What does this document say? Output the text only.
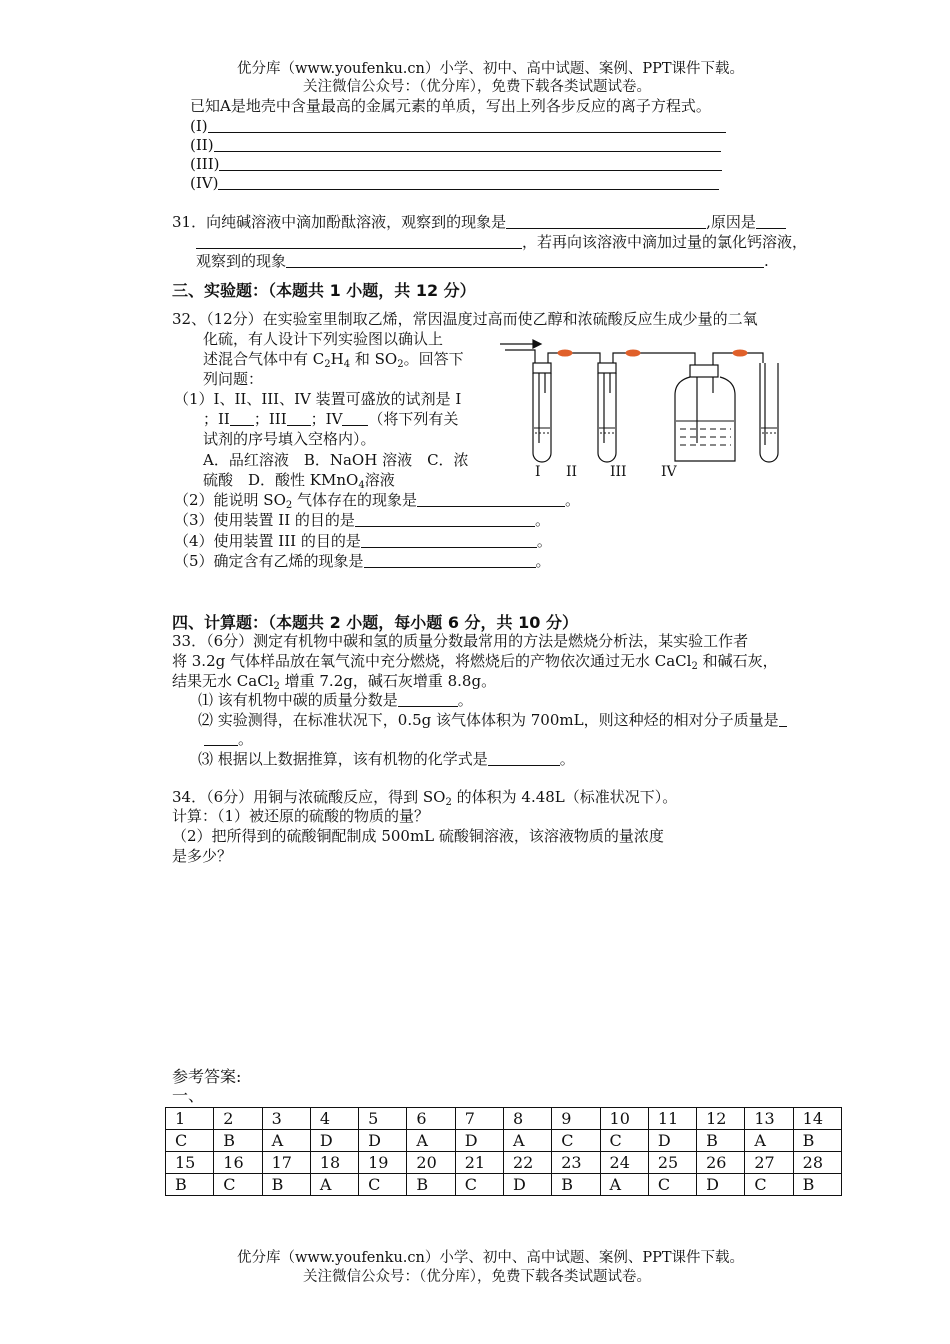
优分库（www.youfenku.cn）小学、初中、高中试题、案例、PPT课件下载。
关注微信公众号：（优分库），免费下载各类试题试卷。
已知A是地壳中含量最高的金属元素的单质，写出上列各步反应的离子方程式。
(I)
(II)
(III)
(IV)
31．向纯碱溶液中滴加酚酞溶液，观察到的现象是	,原因是
，若再向该溶液中滴加过量的氯化钙溶液，
观察到的现象	.
三、实验题：（本题共 1 小题，共 12 分）
32、（12分）在实验室里制取乙烯，常因温度过高而使乙醇和浓硫酸反应生成少量的二氧
化硫，有人设计下列实验图以确认上
述混合气体中有 $C_2H_4$ 和 $SO_2$。回答下
列问题：
（1）I、II、III、IV 装置可盛放的试剂是 I
；II ；III ；IV （将下列有关
试剂的序号填入空格内）。
A．品红溶液　B．NaOH 溶液　C．浓
硫酸　D．酸性 KMnO$_4$溶液
（2）能说明 $SO_2$ 气体存在的现象是	。
（3）使用装置 II 的目的是	。
（4）使用装置 III 的目的是	。
（5）确定含有乙烯的现象是	。
I II III IV
四、计算题：（本题共 2 小题，每小题 6 分，共 10 分）
33．（6分）测定有机物中碳和氢的质量分数最常用的方法是燃烧分析法，某实验工作者
将 3.2g 气体样品放在氧气流中充分燃烧，将燃烧后的产物依次通过无水 CaCl$_2$ 和碱石灰，
结果无水 CaCl$_2$ 增重 7.2g，碱石灰增重 8.8g。
⑴ 该有机物中碳的质量分数是	。
⑵ 实验测得，在标准状况下，0.5g 该气体体积为 700mL，则这种烃的相对分子质量是
。
⑶ 根据以上数据推算，该有机物的化学式是	。
34．（6分）用铜与浓硫酸反应，得到 $SO_2$ 的体积为 4.48L（标准状况下）。
计算：（1）被还原的硫酸的物质的量？
（2）把所得到的硫酸铜配制成 500mL 硫酸铜溶液，该溶液物质的量浓度
是多少？
参考答案:
一、
1	2	3	4	5	6	7	8	9	10	11	12	13	14
C	B	A	D	D	A	D	A	C	C	D	B	A	B
15	16	17	18	19	20	21	22	23	24	25	26	27	28
B	C	B	A	C	B	C	D	B	A	C	D	C	B
优分库（www.youfenku.cn）小学、初中、高中试题、案例、PPT课件下载。
关注微信公众号：（优分库），免费下载各类试题试卷。
